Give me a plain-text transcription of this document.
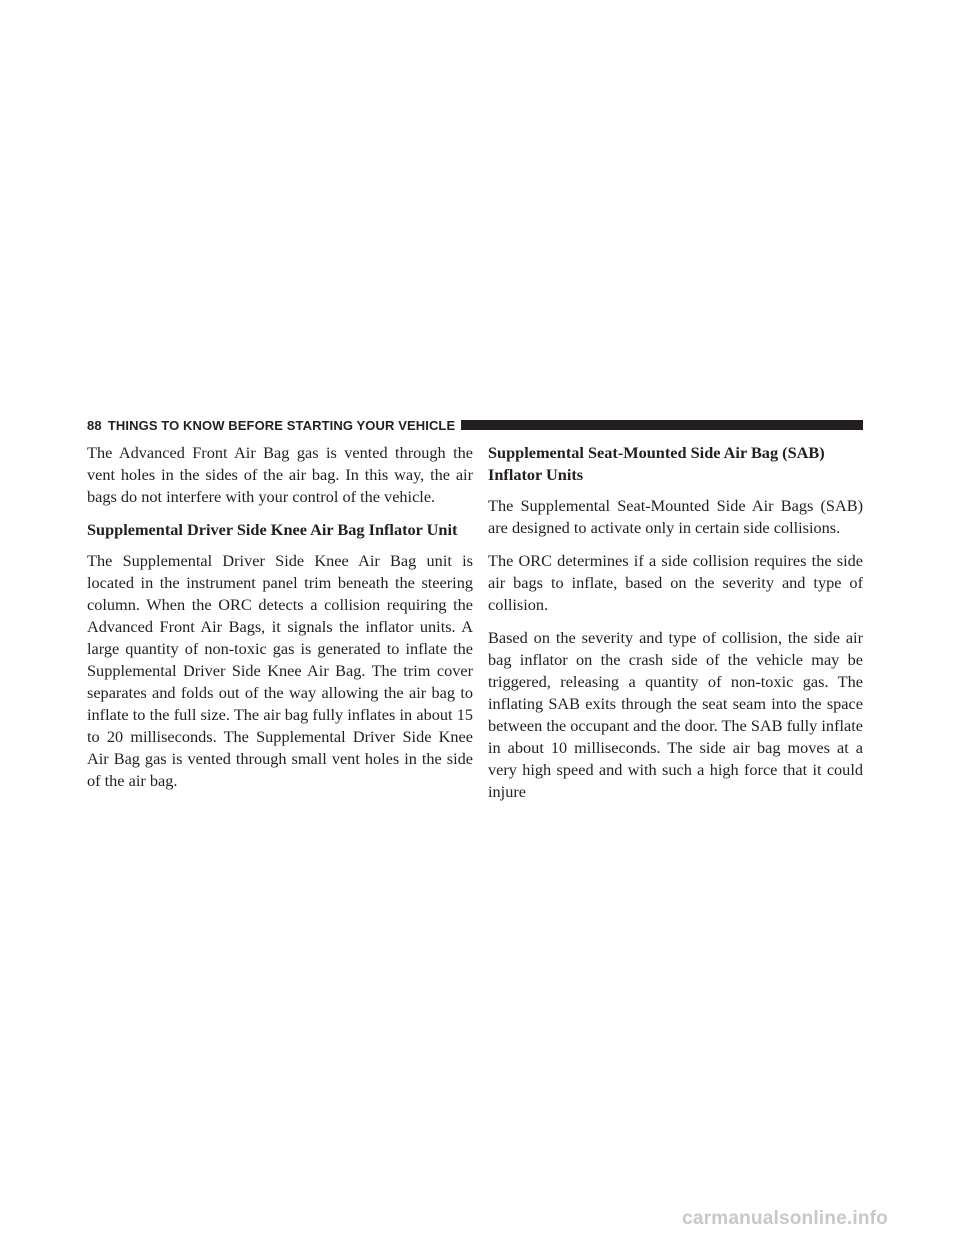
88 THINGS TO KNOW BEFORE STARTING YOUR VEHICLE

The Advanced Front Air Bag gas is vented through the vent holes in the sides of the air bag. In this way, the air bags do not interfere with your control of the vehicle.

Supplemental Driver Side Knee Air Bag Inflator Unit

The Supplemental Driver Side Knee Air Bag unit is located in the instrument panel trim beneath the steering column. When the ORC detects a collision requiring the Advanced Front Air Bags, it signals the inflator units. A large quantity of non-toxic gas is generated to inflate the Supplemental Driver Side Knee Air Bag. The trim cover separates and folds out of the way allowing the air bag to inflate to the full size. The air bag fully inflates in about 15 to 20 milliseconds. The Supplemental Driver Side Knee Air Bag gas is vented through small vent holes in the side of the air bag.

Supplemental Seat-Mounted Side Air Bag (SAB) Inflator Units

The Supplemental Seat-Mounted Side Air Bags (SAB) are designed to activate only in certain side collisions.

The ORC determines if a side collision requires the side air bags to inflate, based on the severity and type of collision.

Based on the severity and type of collision, the side air bag inflator on the crash side of the vehicle may be triggered, releasing a quantity of non-toxic gas. The inflating SAB exits through the seat seam into the space between the occupant and the door. The SAB fully inflate in about 10 milliseconds. The side air bag moves at a very high speed and with such a high force that it could injure

carmanualsonline.info
